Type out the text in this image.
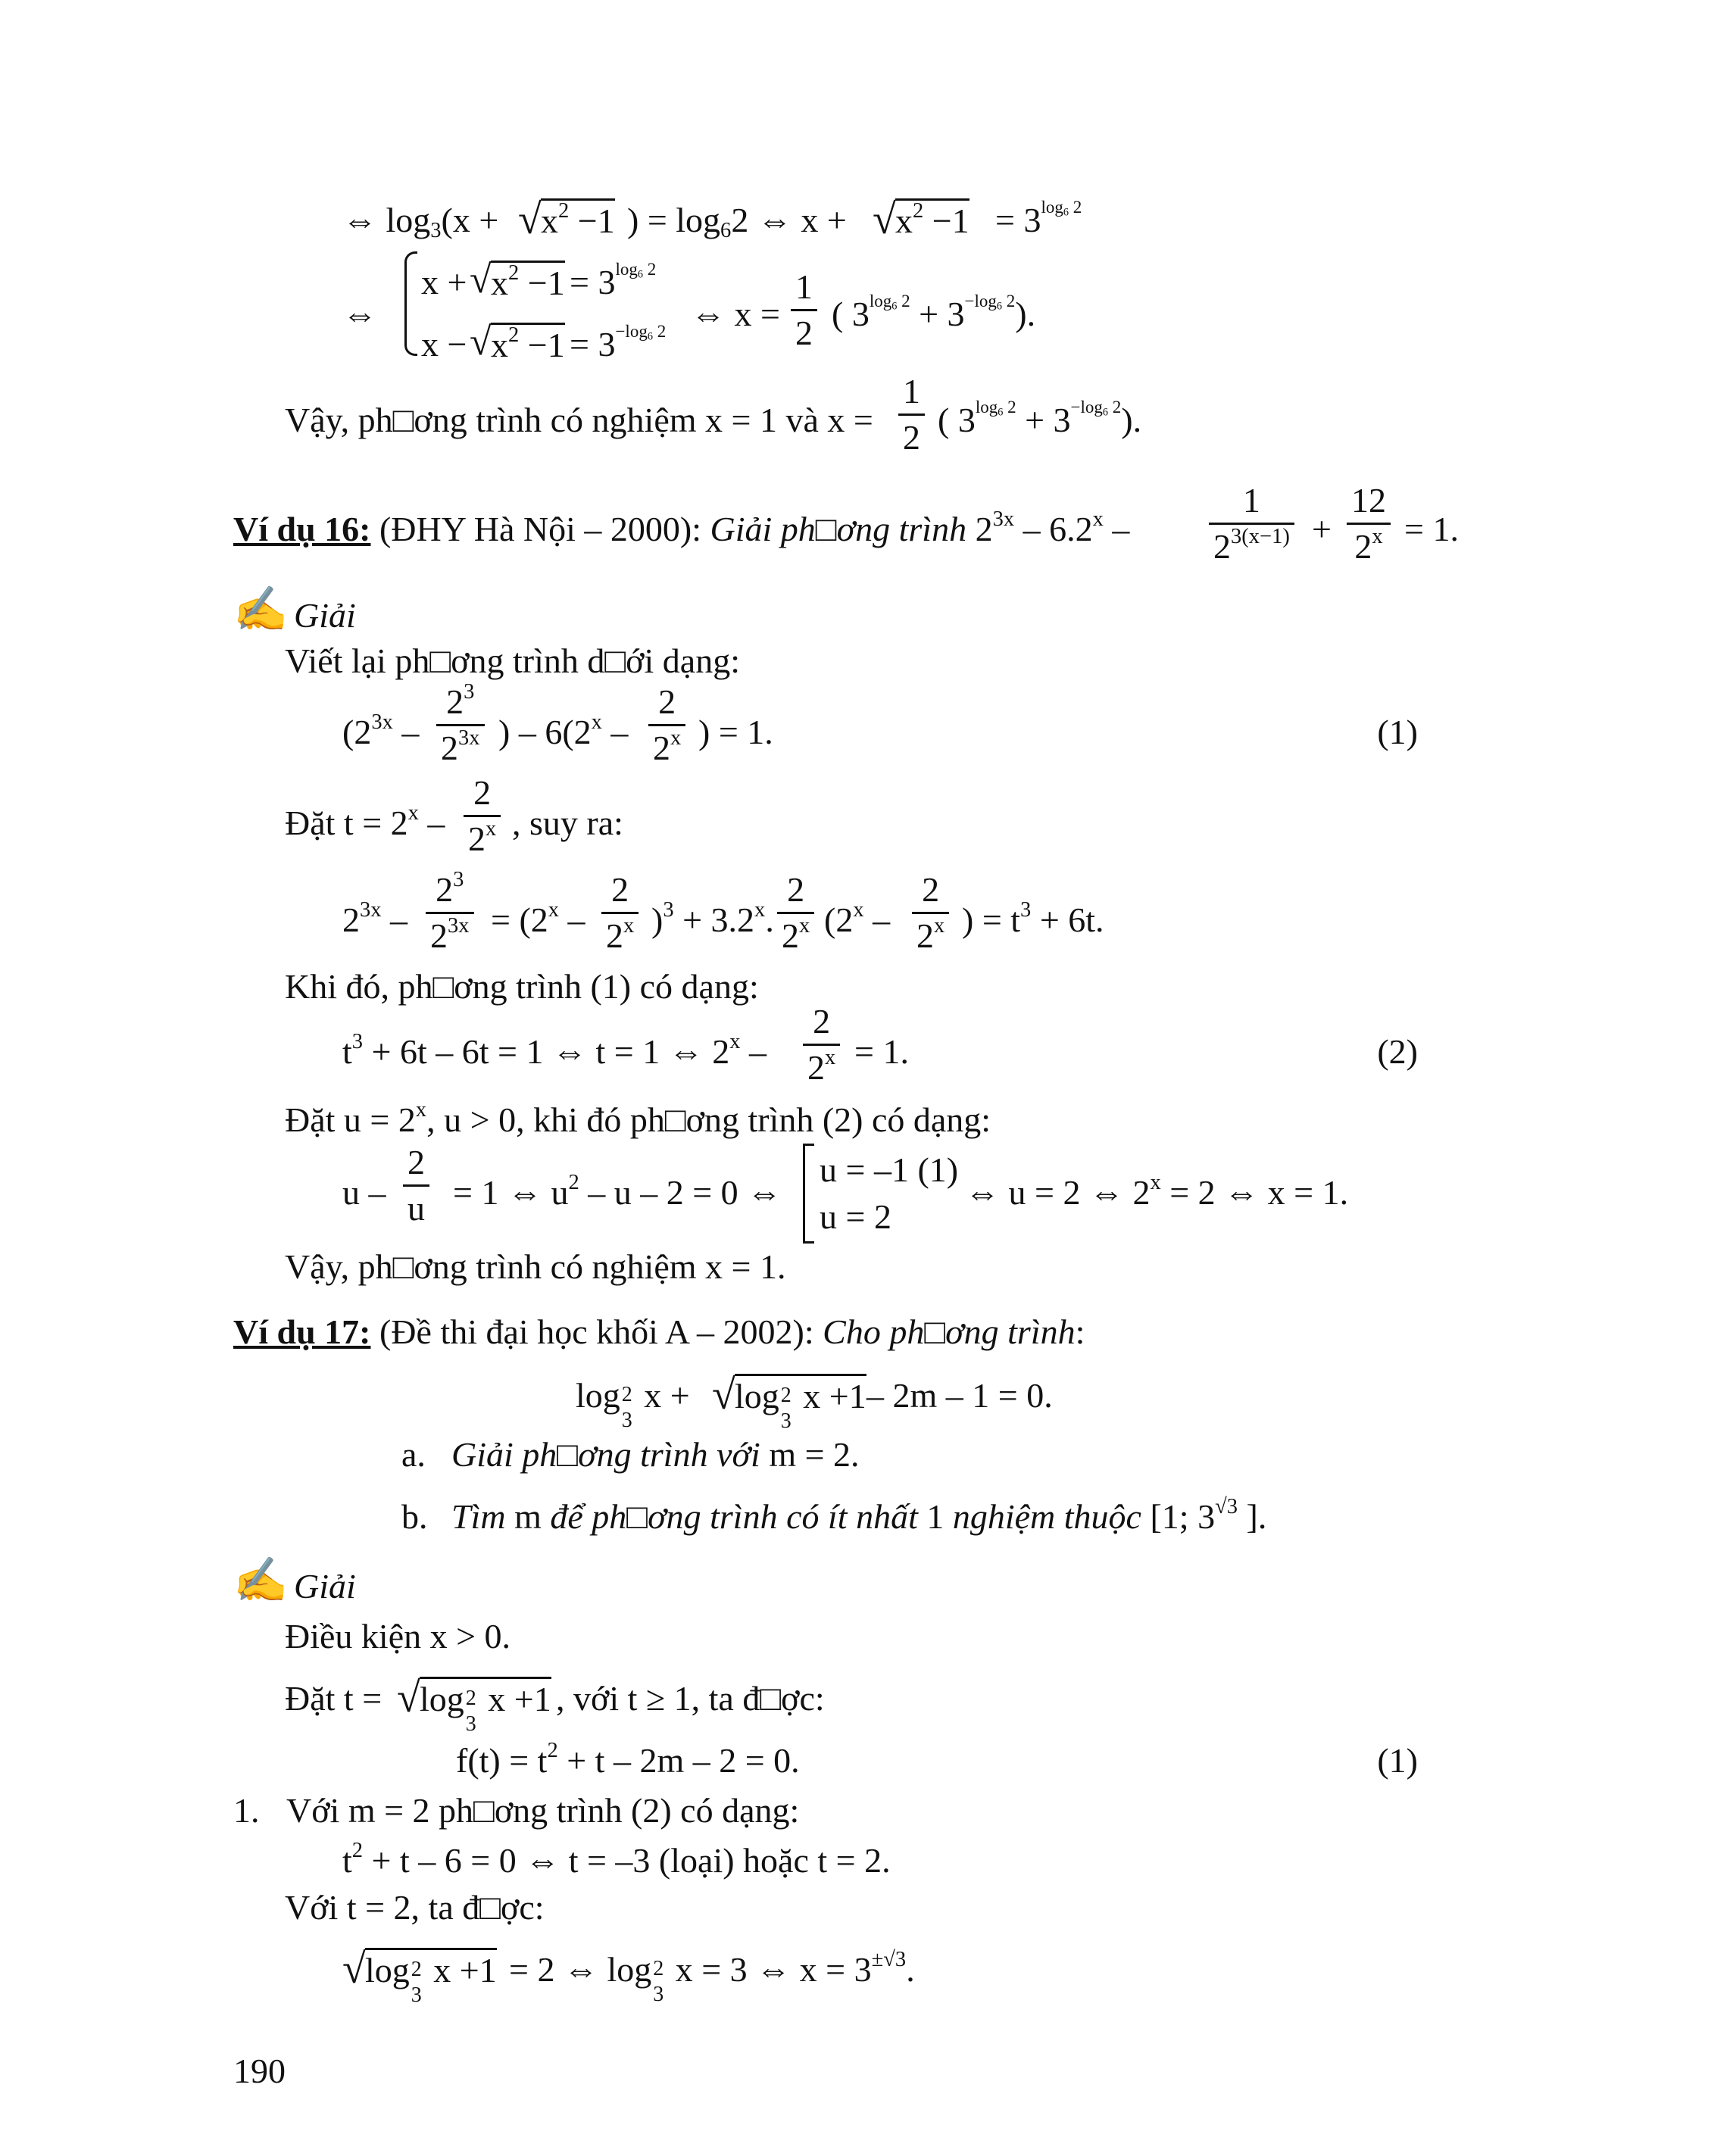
⇔ $\log_3(x$ + √ $x^2 -1$ ) = $\log_62$ ⇔ x + √ $x^2 -1 = 3^{log_6 2}$
⇔
x + √ $x^2 -1 = 3^{log_6 2}$
x − √ $x^2 -1 = 3^{-log_6 2}$ ⇔ $x = \frac{1}{2}$ ( $3^{log_6 2} + 3^{-log_6 2}$).
Vậy, ph□ơng trình có nghiệm x = 1 và $x = \frac{1}{2}$ ( $3^{log_6 2} + 3^{-log_6 2}$).
Ví dụ 16: (ĐHY Hà Nội – 2000): Giải ph□ơng trình $2^{3x} - 6.2^x - \frac{1}{2^{3(x-1)}} + \frac{12}{2^x} = 1$.
✍ Giải
Viết lại ph□ơng trình d□ới dạng:
($2^{3x} - \frac{2^3}{2^{3x}}$ ) – $6(2^x - \frac{2}{2^x}$ ) = 1.	(1)
Đặt $t = 2^x - \frac{2}{2^x}$ , suy ra:
$2^{3x} - \frac{2^3}{2^{3x}} = (2^x - \frac{2}{2^x} )^3 + 3.2^x$. $\frac{2}{2^x} (2^x - \frac{2}{2^x}$ ) = $t^3 + 6t$.
Khi đó, ph□ơng trình (1) có dạng:
$t^3 + 6t - 6t = 1$ ⇔ t = 1 ⇔ $2^x - \frac{2}{2^x} = 1$.	(2)
Đặt $u = 2^x$, u > 0, khi đó ph□ơng trình (2) có dạng:
$u - \frac{2}{u} = 1$ ⇔ $u^2 - u - 2 = 0$ ⇔
u = –1 (1)
u = 2
⇔ u = 2 ⇔ $2^x = 2$ ⇔ x = 1.
Vậy, ph□ơng trình có nghiệm x = 1.
Ví dụ 17: (Đề thi đại học khối A – 2002): Cho ph□ơng trình:
log 2
3
x + √ log 2
3
x +1 – 2m – 1 = 0.
a. Giải ph□ơng trình với m = 2.
b. Tìm m để ph□ơng trình có ít nhất 1 nghiệm thuộc [1; $3^{√3}$ ].
✍ Giải
Điều kiện x > 0.
Đặt t = √ log 2
3
x +1 , với t ≥ 1, ta đ□ợc:
$f(t) = t^2 + t - 2m - 2 = 0$.	(1)
1. Với m = 2 ph□ơng trình (2) có dạng:
$t^2 + t - 6 = 0$ ⇔ t = –3 (loại) hoặc t = 2.
Với t = 2, ta đ□ợc:
√ log 2
3
x +1 = 2 ⇔ log 2
3
x = 3 ⇔ $x = 3^{\pm√3}$.
190
